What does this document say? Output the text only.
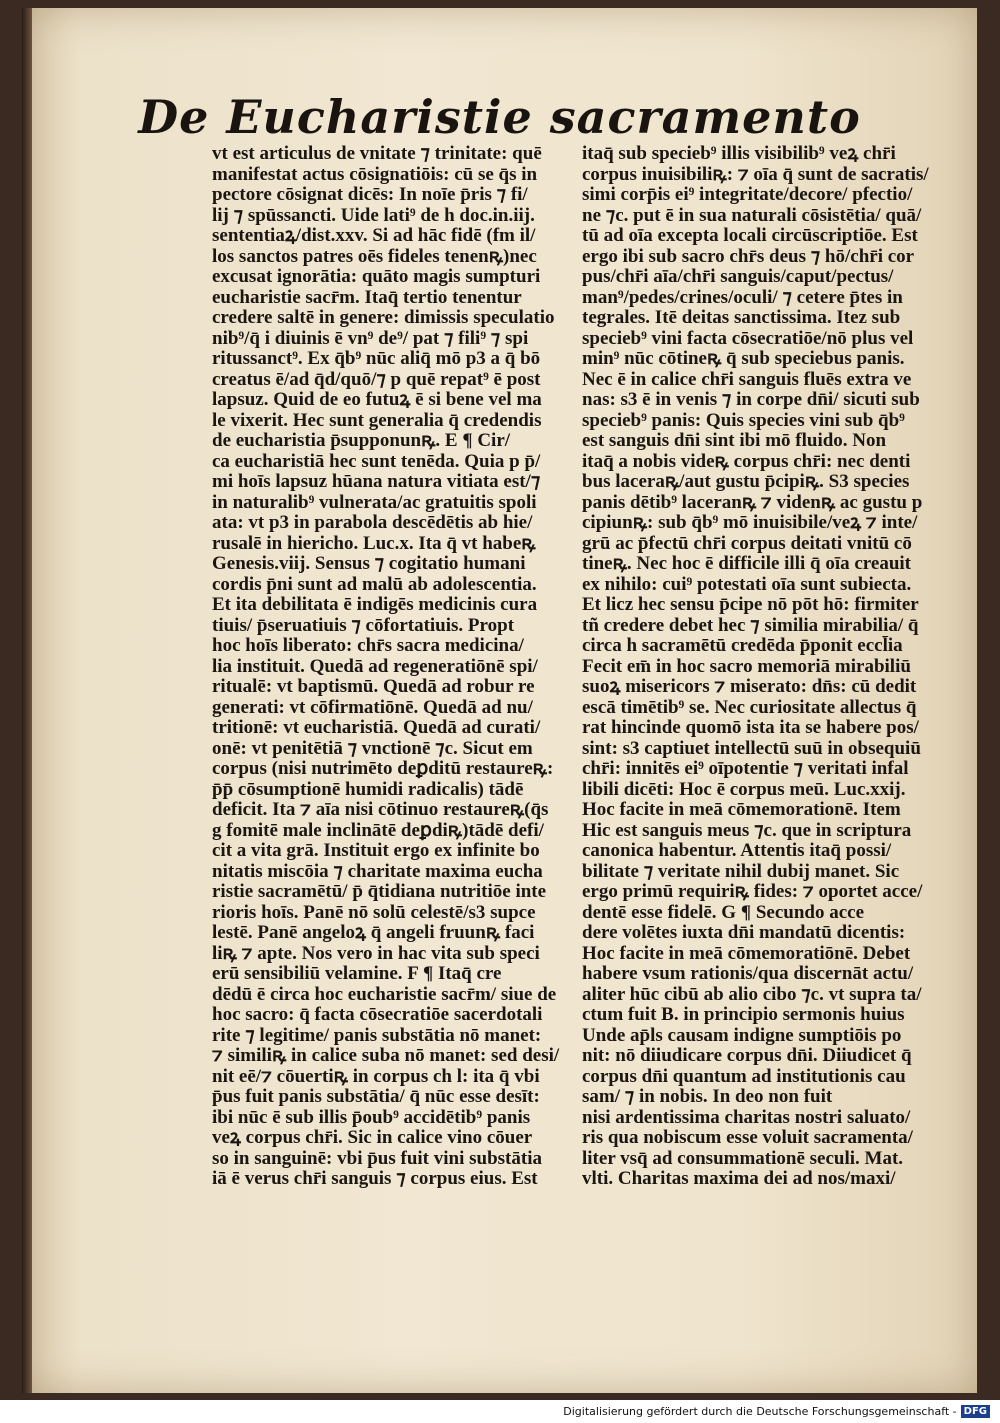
De Eucharistie sacramento
vt est articulus de vnitate ⁊ trinitate: quē
manifestat actus cōsignatiōis: cū se q̄s in
pectore cōsignat dicēs: In noīe p̄ris ⁊ fi/
lij ⁊ spūssancti. Uide lati⁹ de h doc.in.iij.
sententiaꝝ/dist.xxv. Si ad hāc fidē (fm il/
los sanctos patres oēs fideles tenenꝶ)nec
excusat ignorātia: quāto magis sumpturi
eucharistie sacr̄m. Itaq̄ tertio tenentur
credere saltē in genere: dimissis speculatio
nib⁹/q̄ i diuinis ē vn⁹ de⁹/ pat ⁊ fili⁹ ⁊ spi
ritussanct⁹. Ex q̄b⁹ nūc aliq̄ mō p3 a q̄ bō
creatus ē/ad q̄d/quō/⁊ p quē repat⁹ ē post
lapsuz. Quid de eo futuꝝ ē si bene vel ma
le vixerit. Hec sunt generalia q̄ credendis
de eucharistia p̄supponunꝶ. E ¶ Cir/
ca eucharistiā hec sunt tenēda. Quia p p̄/
mi hoīs lapsuz hūana natura vitiata est/⁊
in naturalib⁹ vulnerata/ac gratuitis spoli
ata: vt p3 in parabola descēdētis ab hie/
rusalē in hiericho. Luc.x. Ita q̄ vt habeꝶ
Genesis.viij. Sensus ⁊ cogitatio humani
cordis p̄ni sunt ad malū ab adolescentia.
Et ita debilitata ē indigēs medicinis cura
tiuis/ p̄seruatiuis ⁊ cōfortatiuis. Propt
hoc hoīs liberato: chr̄s sacra medicina/
lia instituit. Quedā ad regeneratiōnē spi/
ritualē: vt baptismū. Quedā ad robur re
generati: vt cōfirmatiōnē. Quedā ad nu/
tritionē: vt eucharistiā. Quedā ad curati/
onē: vt penitētiā ⁊ vnctionē ⁊c. Sicut em
corpus (nisi nutrimēto deꝑditū restaureꝶ:
p̄p̄ cōsumptionē humidi radicalis) tādē
deficit. Ita ⁊ aīa nisi cōtinuo restaureꝶ(q̄s
g fomitē male inclinātē deꝑdiꝶ)tādē defi/
cit a vita grā. Instituit ergo ex infinite bo
nitatis miscōia ⁊ charitate maxima eucha
ristie sacramētū/ p̄ q̄tidiana nutritiōe inte
rioris hoīs. Panē nō solū celestē/s3 supce
lestē. Panē angeloꝝ q̄ angeli fruunꝶ faci
liꝶ ⁊ apte. Nos vero in hac vita sub speci
erū sensibiliū velamine. F ¶ Itaq̄ cre
dēdū ē circa hoc eucharistie sacr̄m/ siue de
hoc sacro: q̄ facta cōsecratiōe sacerdotali
rite ⁊ legitime/ panis substātia nō manet:
⁊ similiꝶ in calice suba nō manet: sed desi/
nit eē/⁊ cōuertiꝶ in corpus ch l: ita q̄ vbi
p̄us fuit panis substātia/ q̄ nūc esse desīt:
ibi nūc ē sub illis p̄oub⁹ accidētib⁹ panis
veꝝ corpus chr̄i. Sic in calice vino cōuer
so in sanguinē: vbi p̄us fuit vini substātia
iā ē verus chr̄i sanguis ⁊ corpus eius. Est
itaq̄ sub specieb⁹ illis visibilib⁹ veꝝ chr̄i
corpus inuisibiliꝶ: ⁊ oīa q̄ sunt de sacratis/
simi corp̄is ei⁹ integritate/decore/ pfectio/
ne ⁊c. put ē in sua naturali cōsistētia/ quā/
tū ad oīa excepta locali circūscriptiōe. Est
ergo ibi sub sacro chr̄s deus ⁊ hō/chr̄i cor
pus/chr̄i aīa/chr̄i sanguis/caput/pectus/
man⁹/pedes/crines/oculi/ ⁊ cetere p̄tes in
tegrales. Itē deitas sanctissima. Itez sub
specieb⁹ vini facta cōsecratiōe/nō plus vel
min⁹ nūc cōtineꝶ q̄ sub speciebus panis.
Nec ē in calice chr̄i sanguis fluēs extra ve
nas: s3 ē in venis ⁊ in corpe dn̄i/ sicuti sub
specieb⁹ panis: Quis species vini sub q̄b⁹
est sanguis dn̄i sint ibi mō fluido. Non
itaq̄ a nobis videꝶ corpus chr̄i: nec denti
bus laceraꝶ/aut gustu p̄cipiꝶ. S3 species
panis dētib⁹ laceranꝶ ⁊ videnꝶ ac gustu p
cipiunꝶ: sub q̄b⁹ mō inuisibile/veꝝ ⁊ inte/
grū ac p̄fectū chr̄i corpus deitati vnitū cō
tineꝶ. Nec hoc ē difficile illi q̄ oīa creauit
ex nihilo: cui⁹ potestati oīa sunt subiecta.
Et licz hec sensu p̄cipe nō pōt hō: firmiter
tñ credere debet hec ⁊ similia mirabilia/ q̄
circa h sacramētū credēda p̄ponit eccl̄ia
Fecit em̄ in hoc sacro memoriā mirabiliū
suoꝝ misericors ⁊ miserato: dn̄s: cū dedit
escā timētib⁹ se. Nec curiositate allectus q̄
rat hincinde quomō ista ita se habere pos/
sint: s3 captiuet intellectū suū in obsequiū
chr̄i: innitēs ei⁹ oīpotentie ⁊ veritati infal
libili dicēti: Hoc ē corpus meū. Luc.xxij.
Hoc facite in meā cōmemorationē. Item
Hic est sanguis meus ⁊c. que in scriptura
canonica habentur. Attentis itaq̄ possi/
bilitate ⁊ veritate nihil dubij manet. Sic
ergo primū requiriꝶ fides: ⁊ oportet acce/
dentē esse fidelē. G ¶ Secundo acce
dere volētes iuxta dn̄i mandatū dicentis:
Hoc facite in meā cōmemoratiōnē. Debet
habere vsum rationis/qua discernāt actu/
aliter hūc cibū ab alio cibo ⁊c. vt supra ta/
ctum fuit B. in principio sermonis huius
Unde ap̄ls causam indigne sumptiōis po
nit: nō diiudicare corpus dn̄i. Diiudicet q̄
corpus dn̄i quantum ad institutionis cau
sam/ ⁊ in nobis. In deo non fuit
nisi ardentissima charitas nostri saluato/
ris qua nobiscum esse voluit sacramenta/
liter vsq̄ ad consummationē seculi. Mat.
vlti. Charitas maxima dei ad nos/maxi/
Digitalisierung gefördert durch die Deutsche Forschungsgemeinschaft - DFG
